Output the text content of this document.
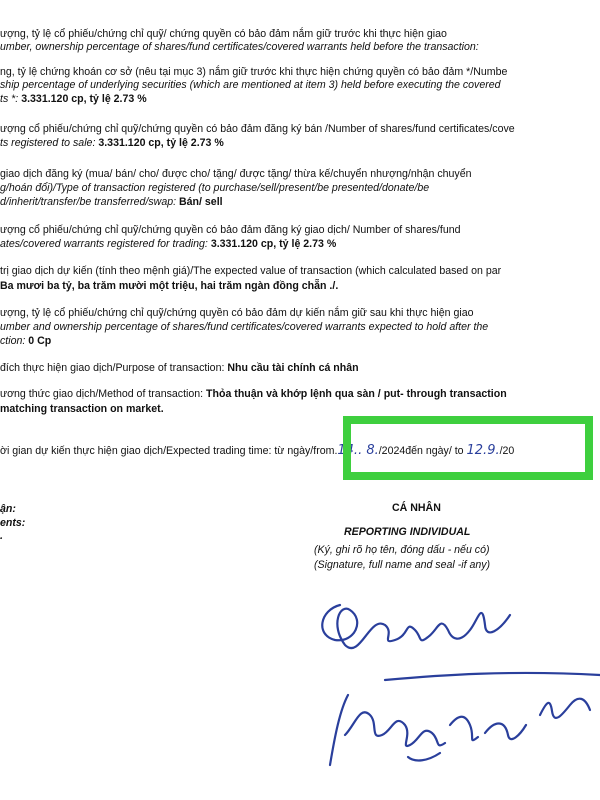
ượng, tỷ lệ cổ phiếu/chứng chỉ quỹ/ chứng quyền có bảo đảm nắm giữ trước khi thực hiện giao
umber, ownership percentage of shares/fund certificates/covered warrants held before the transaction:
ng, tỷ lệ chứng khoán cơ sở (nêu tại mục 3) nắm giữ trước khi thực hiện chứng quyền có bảo đảm */Numbe
ship percentage of underlying securities (which are mentioned at item 3) held before executing the covered
ts *: 3.331.120 cp, tỷ lệ 2.73 %
ượng cổ phiếu/chứng chỉ quỹ/chứng quyền có bảo đảm đăng ký bán /Number of shares/fund certificates/cove
ts registered to sale: 3.331.120 cp, tỷ lệ 2.73 %
giao dịch đăng ký (mua/ bán/ cho/ được cho/ tặng/ được tặng/ thừa kế/chuyển nhượng/nhận chuyển
g/hoán đổi)/Type of transaction registered (to purchase/sell/present/be presented/donate/be
d/inherit/transfer/be transferred/swap: Bán/ sell
ượng cổ phiếu/chứng chỉ quỹ/chứng quyền có bảo đảm đăng ký giao dịch/ Number of shares/fund
ates/covered warrants registered for trading: 3.331.120 cp, tỷ lệ 2.73 %
trị giao dịch dự kiến (tính theo mệnh giá)/The expected value of transaction (which calculated based on par
Ba mươi ba tỷ, ba trăm mười một triệu, hai trăm ngàn đồng chẵn ./.
ượng, tỷ lệ cổ phiếu/chứng chỉ quỹ/chứng quyền có bảo đảm dự kiến nắm giữ sau khi thực hiện giao
umber and ownership percentage of shares/fund certificates/covered warrants expected to hold after the
ction: 0 Cp
đích thực hiện giao dịch/Purpose of transaction: Nhu cầu tài chính cá nhân
ương thức giao dịch/Method of transaction: Thỏa thuận và khớp lệnh qua sàn / put- through transaction
matching transaction on market.
ời gian dự kiến thực hiện giao dịch/Expected trading time: từ ngày/from.14.. 8./2024đến ngày/ to 12.9./20
ận:
ents:
.
CÁ NHÂN
REPORTING INDIVIDUAL
(Ký, ghi rõ họ tên, đóng dấu - nếu có)
(Signature, full name and seal -if any)
